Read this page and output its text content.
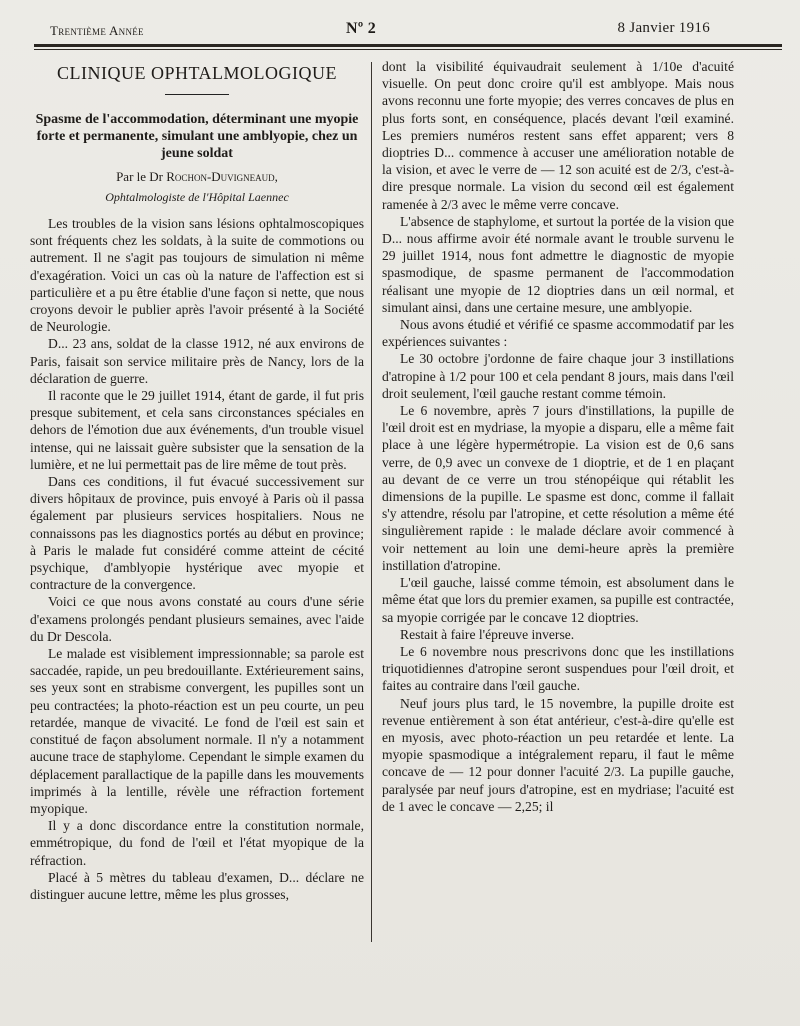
Trentième Année	Nº 2	8 Janvier 1916
CLINIQUE OPHTALMOLOGIQUE
Spasme de l'accommodation, déterminant une myopie forte et permanente, simulant une amblyopie, chez un jeune soldat
Par le Dr Rochon-Duvigneaud,
Ophtalmologiste de l'Hôpital Laennec

Les troubles de la vision sans lésions ophtalmoscopiques sont fréquents chez les soldats, à la suite de commotions ou autrement. Il ne s'agit pas toujours de simulation ni même d'exagération. Voici un cas où la nature de l'affection est si particulière et a pu être établie d'une façon si nette, que nous croyons devoir le publier après l'avoir présenté à la Société de Neurologie.

D... 23 ans, soldat de la classe 1912, né aux environs de Paris, faisait son service militaire près de Nancy, lors de la déclaration de guerre.

Il raconte que le 29 juillet 1914, étant de garde, il fut pris presque subitement, et cela sans circonstances spéciales en dehors de l'émotion due aux événements, d'un trouble visuel intense, qui ne laissait guère subsister que la sensation de la lumière, et ne lui permettait pas de lire même de tout près.

Dans ces conditions, il fut évacué successivement sur divers hôpitaux de province, puis envoyé à Paris où il passa également par plusieurs services hospitaliers. Nous ne connaissons pas les diagnostics portés au début en province; à Paris le malade fut considéré comme atteint de cécité psychique, d'amblyopie hystérique avec myopie et contracture de la convergence.

Voici ce que nous avons constaté au cours d'une série d'examens prolongés pendant plusieurs semaines, avec l'aide du Dr Descola.

Le malade est visiblement impressionnable; sa parole est saccadée, rapide, un peu bredouillante. Extérieurement sains, ses yeux sont en strabisme convergent, les pupilles sont un peu contractées; la photo-réaction est un peu courte, un peu retardée, manque de vivacité. Le fond de l'œil est sain et constitué de façon absolument normale. Il n'y a notamment aucune trace de staphylome. Cependant le simple examen du déplacement parallactique de la papille dans les mouvements imprimés à la lentille, révèle une réfraction fortement myopique.

Il y a donc discordance entre la constitution normale, emmétropique, du fond de l'œil et l'état myopique de la réfraction.

Placé à 5 mètres du tableau d'examen, D... déclare ne distinguer aucune lettre, même les plus grosses,

dont la visibilité équivaudrait seulement à 1/10e d'acuité visuelle. On peut donc croire qu'il est amblyope. Mais nous avons reconnu une forte myopie; des verres concaves de plus en plus forts sont, en conséquence, placés devant l'œil examiné. Les premiers numéros restent sans effet apparent; vers 8 dioptries D... commence à accuser une amélioration notable de la vision, et avec le verre de — 12 son acuité est de 2/3, c'est-à-dire presque normale. La vision du second œil est également ramenée à 2/3 avec le même verre concave.

L'absence de staphylome, et surtout la portée de la vision que D... nous affirme avoir été normale avant le trouble survenu le 29 juillet 1914, nous font admettre le diagnostic de myopie spasmodique, de spasme permanent de l'accommodation réalisant une myopie de 12 dioptries dans un œil normal, et simulant ainsi, dans une certaine mesure, une amblyopie.

Nous avons étudié et vérifié ce spasme accommodatif par les expériences suivantes :

Le 30 octobre j'ordonne de faire chaque jour 3 instillations d'atropine à 1/2 pour 100 et cela pendant 8 jours, mais dans l'œil droit seulement, l'œil gauche restant comme témoin.

Le 6 novembre, après 7 jours d'instillations, la pupille de l'œil droit est en mydriase, la myopie a disparu, elle a même fait place à une légère hypermétropie. La vision est de 0,6 sans verre, de 0,9 avec un convexe de 1 dioptrie, et de 1 en plaçant au devant de ce verre un trou sténopéique qui rétablit les dimensions de la pupille. Le spasme est donc, comme il fallait s'y attendre, résolu par l'atropine, et cette résolution a même été singulièrement rapide : le malade déclare avoir commencé à voir nettement au loin une demi-heure après la première instillation d'atropine.

L'œil gauche, laissé comme témoin, est absolument dans le même état que lors du premier examen, sa pupille est contractée, sa myopie corrigée par le concave 12 dioptries.

Restait à faire l'épreuve inverse.

Le 6 novembre nous prescrivons donc que les instillations triquotidiennes d'atropine seront suspendues pour l'œil droit, et faites au contraire dans l'œil gauche.

Neuf jours plus tard, le 15 novembre, la pupille droite est revenue entièrement à son état antérieur, c'est-à-dire qu'elle est en myosis, avec photo-réaction un peu retardée et lente. La myopie spasmodique a intégralement reparu, il faut le même concave de — 12 pour donner l'acuité 2/3. La pupille gauche, paralysée par neuf jours d'atropine, est en mydriase; l'acuité est de 1 avec le concave — 2,25; il
